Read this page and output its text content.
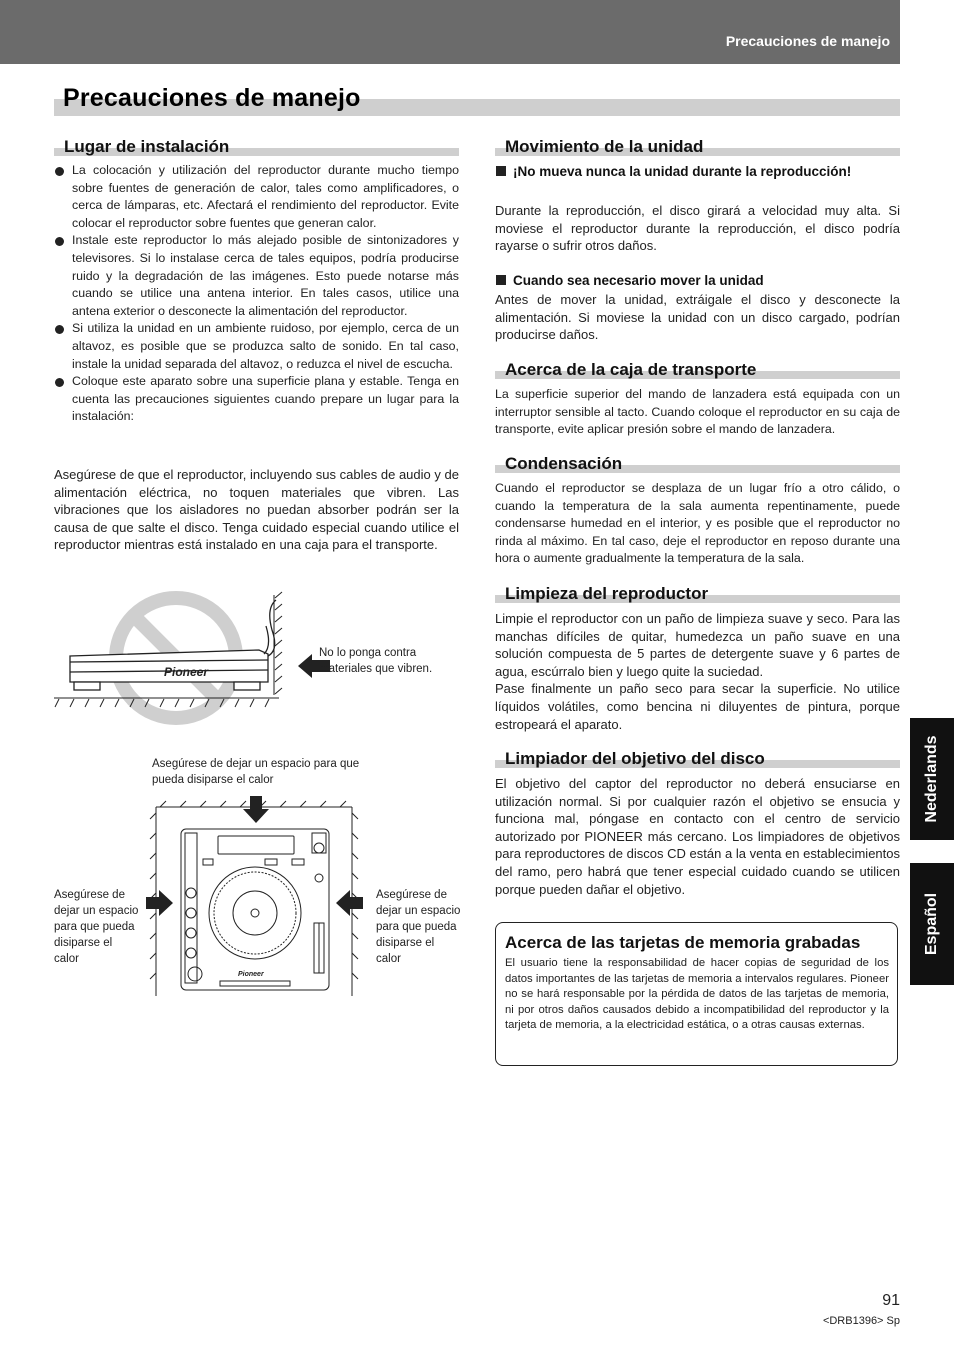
Precauciones de manejo
Precauciones de manejo
Lugar de instalación
La colocación y utilización del reproductor durante mucho tiempo sobre fuentes de generación de calor, tales como amplificadores, o cerca de lámparas, etc. Afectará el rendimiento del reproductor. Evite colocar el reproductor sobre fuentes que generan calor.
Instale este reproductor lo más alejado posible de sintonizadores y televisores. Si lo instalase cerca de tales equipos, podría producirse ruido y la degradación de las imágenes. Esto puede notarse más cuando se utilice una antena interior. En tales casos, utilice una antena exterior o desconecte la alimentación del reproductor.
Si utiliza la unidad en un ambiente ruidoso, por ejemplo, cerca de un altavoz, es posible que se produzca salto de sonido. En tal caso, instale la unidad separada del altavoz, o reduzca el nivel de escucha.
Coloque este aparato sobre una superficie plana y estable. Tenga en cuenta las precauciones siguientes cuando prepare un lugar para la instalación:

Asegúrese de que el reproductor, incluyendo sus cables de audio y de alimentación eléctrica, no toquen materiales que vibren. Las vibraciones que los aisladores no puedan absorber podrán ser la causa de que salte el disco. Tenga cuidado especial cuando utilice el reproductor mientras está instalado en una caja para el transporte.

Pioneer
No lo ponga contra materiales que vibren.
Asegúrese de dejar un espacio para que pueda disiparse el calor
Asegúrese de dejar un espacio para que pueda disiparse el calor
Asegúrese de dejar un espacio para que pueda disiparse el calor
Pioneer
Movimiento de la unidad
¡No mueva nunca la unidad durante la reproducción!

Durante la reproducción, el disco girará a velocidad muy alta. Si moviese el reproductor durante la reproducción, el disco podría rayarse o sufrir otros daños.

Cuando sea necesario mover la unidad

Antes de mover la unidad, extráigale el disco y desconecte la alimentación. Si moviese la unidad con un disco cargado, podrían producirse daños.

Acerca de la caja de transporte

La superficie superior del mando de lanzadera está equipada con un interruptor sensible al tacto. Cuando coloque el reproductor en su caja de transporte, evite aplicar presión sobre el mando de lanzadera.

Condensación

Cuando el reproductor se desplaza de un lugar frío a otro cálido, o cuando la temperatura de la sala aumenta repentinamente, puede condensarse humedad en el interior, y es posible que el reproductor no rinda al máximo. En tal caso, deje el reproductor en reposo durante una hora o aumente gradualmente la temperatura de la sala.

Limpieza del reproductor

Limpie el reproductor con un paño de limpieza suave y seco. Para las manchas difíciles de quitar, humedezca un paño suave en una solución compuesta de 5 partes de detergente suave y 6 partes de agua, escúrralo bien y luego quite la suciedad.

Pase finalmente un paño seco para secar la superficie. No utilice líquidos volátiles, como bencina ni diluyentes de pintura, porque estropeará el aparato.

Limpiador del objetivo del disco

El objetivo del captor del reproductor no deberá ensuciarse en utilización normal. Si por cualquier razón el objetivo se ensucia y funciona mal, póngase en contacto con el centro de servicio autorizado por PIONEER más cercano. Los limpiadores de objetivos para reproductores de discos CD están a la venta en establecimientos del ramo, pero habrá que tener especial cuidado cuando se utilicen porque pueden dañar el objetivo.

Acerca de las tarjetas de memoria grabadas
El usuario tiene la responsabilidad de hacer copias de seguridad de los datos importantes de las tarjetas de memoria a intervalos regulares. Pioneer no se hará responsable por la pérdida de datos de las tarjetas de memoria, ni por otros daños causados debido a incompatibilidad del reproductor y la tarjeta de memoria, a la electricidad estática, o a otras causas externas.
Nederlands
Español
91
<DRB1396> Sp
